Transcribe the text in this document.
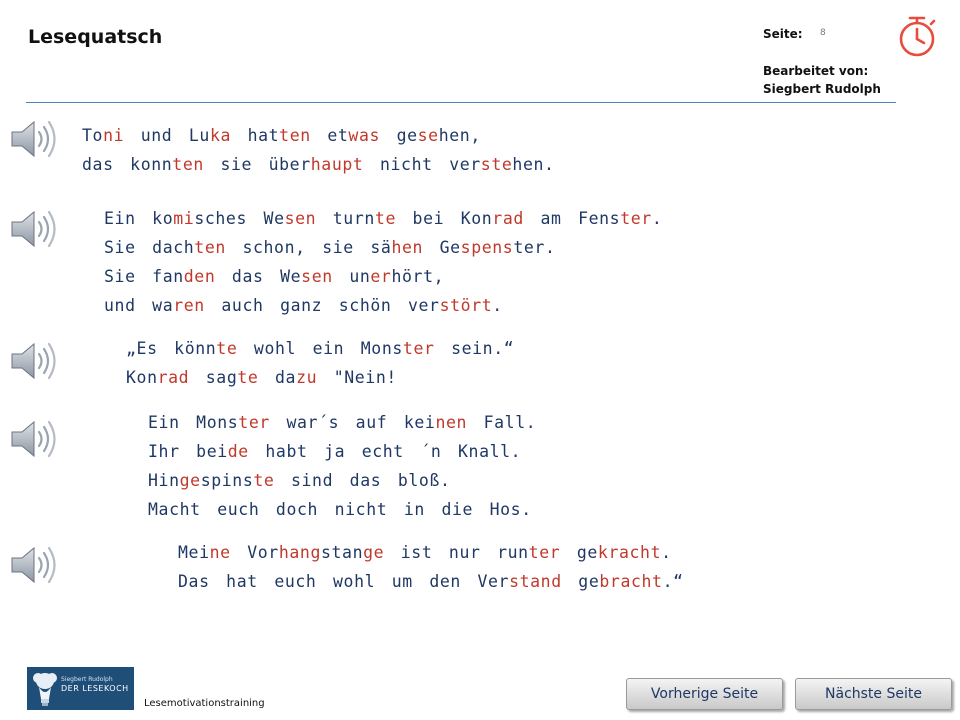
Lesequatsch	Seite: 8
Bearbeitet von:
Siegbert Rudolph
Toni und Luka hatten etwas gesehen,
das konnten sie überhaupt nicht verstehen.
Ein komisches Wesen turnte bei Konrad am Fenster.
Sie dachten schon, sie sähen Gespenster.
Sie fanden das Wesen unerhört,
und waren auch ganz schön verstört.
„Es könnte wohl ein Monster sein.“
Konrad sagte dazu "Nein!
Ein Monster war´s auf keinen Fall.
Ihr beide habt ja echt ´n Knall.
Hingespinste sind das bloß.
Macht euch doch nicht in die Hos.
Meine Vorhangstange ist nur runter gekracht.
Das hat euch wohl um den Verstand gebracht.“
Siegbert Rudolph
DER LESEKOCH
Lesemotivationstraining
Vorherige Seite	Nächste Seite
